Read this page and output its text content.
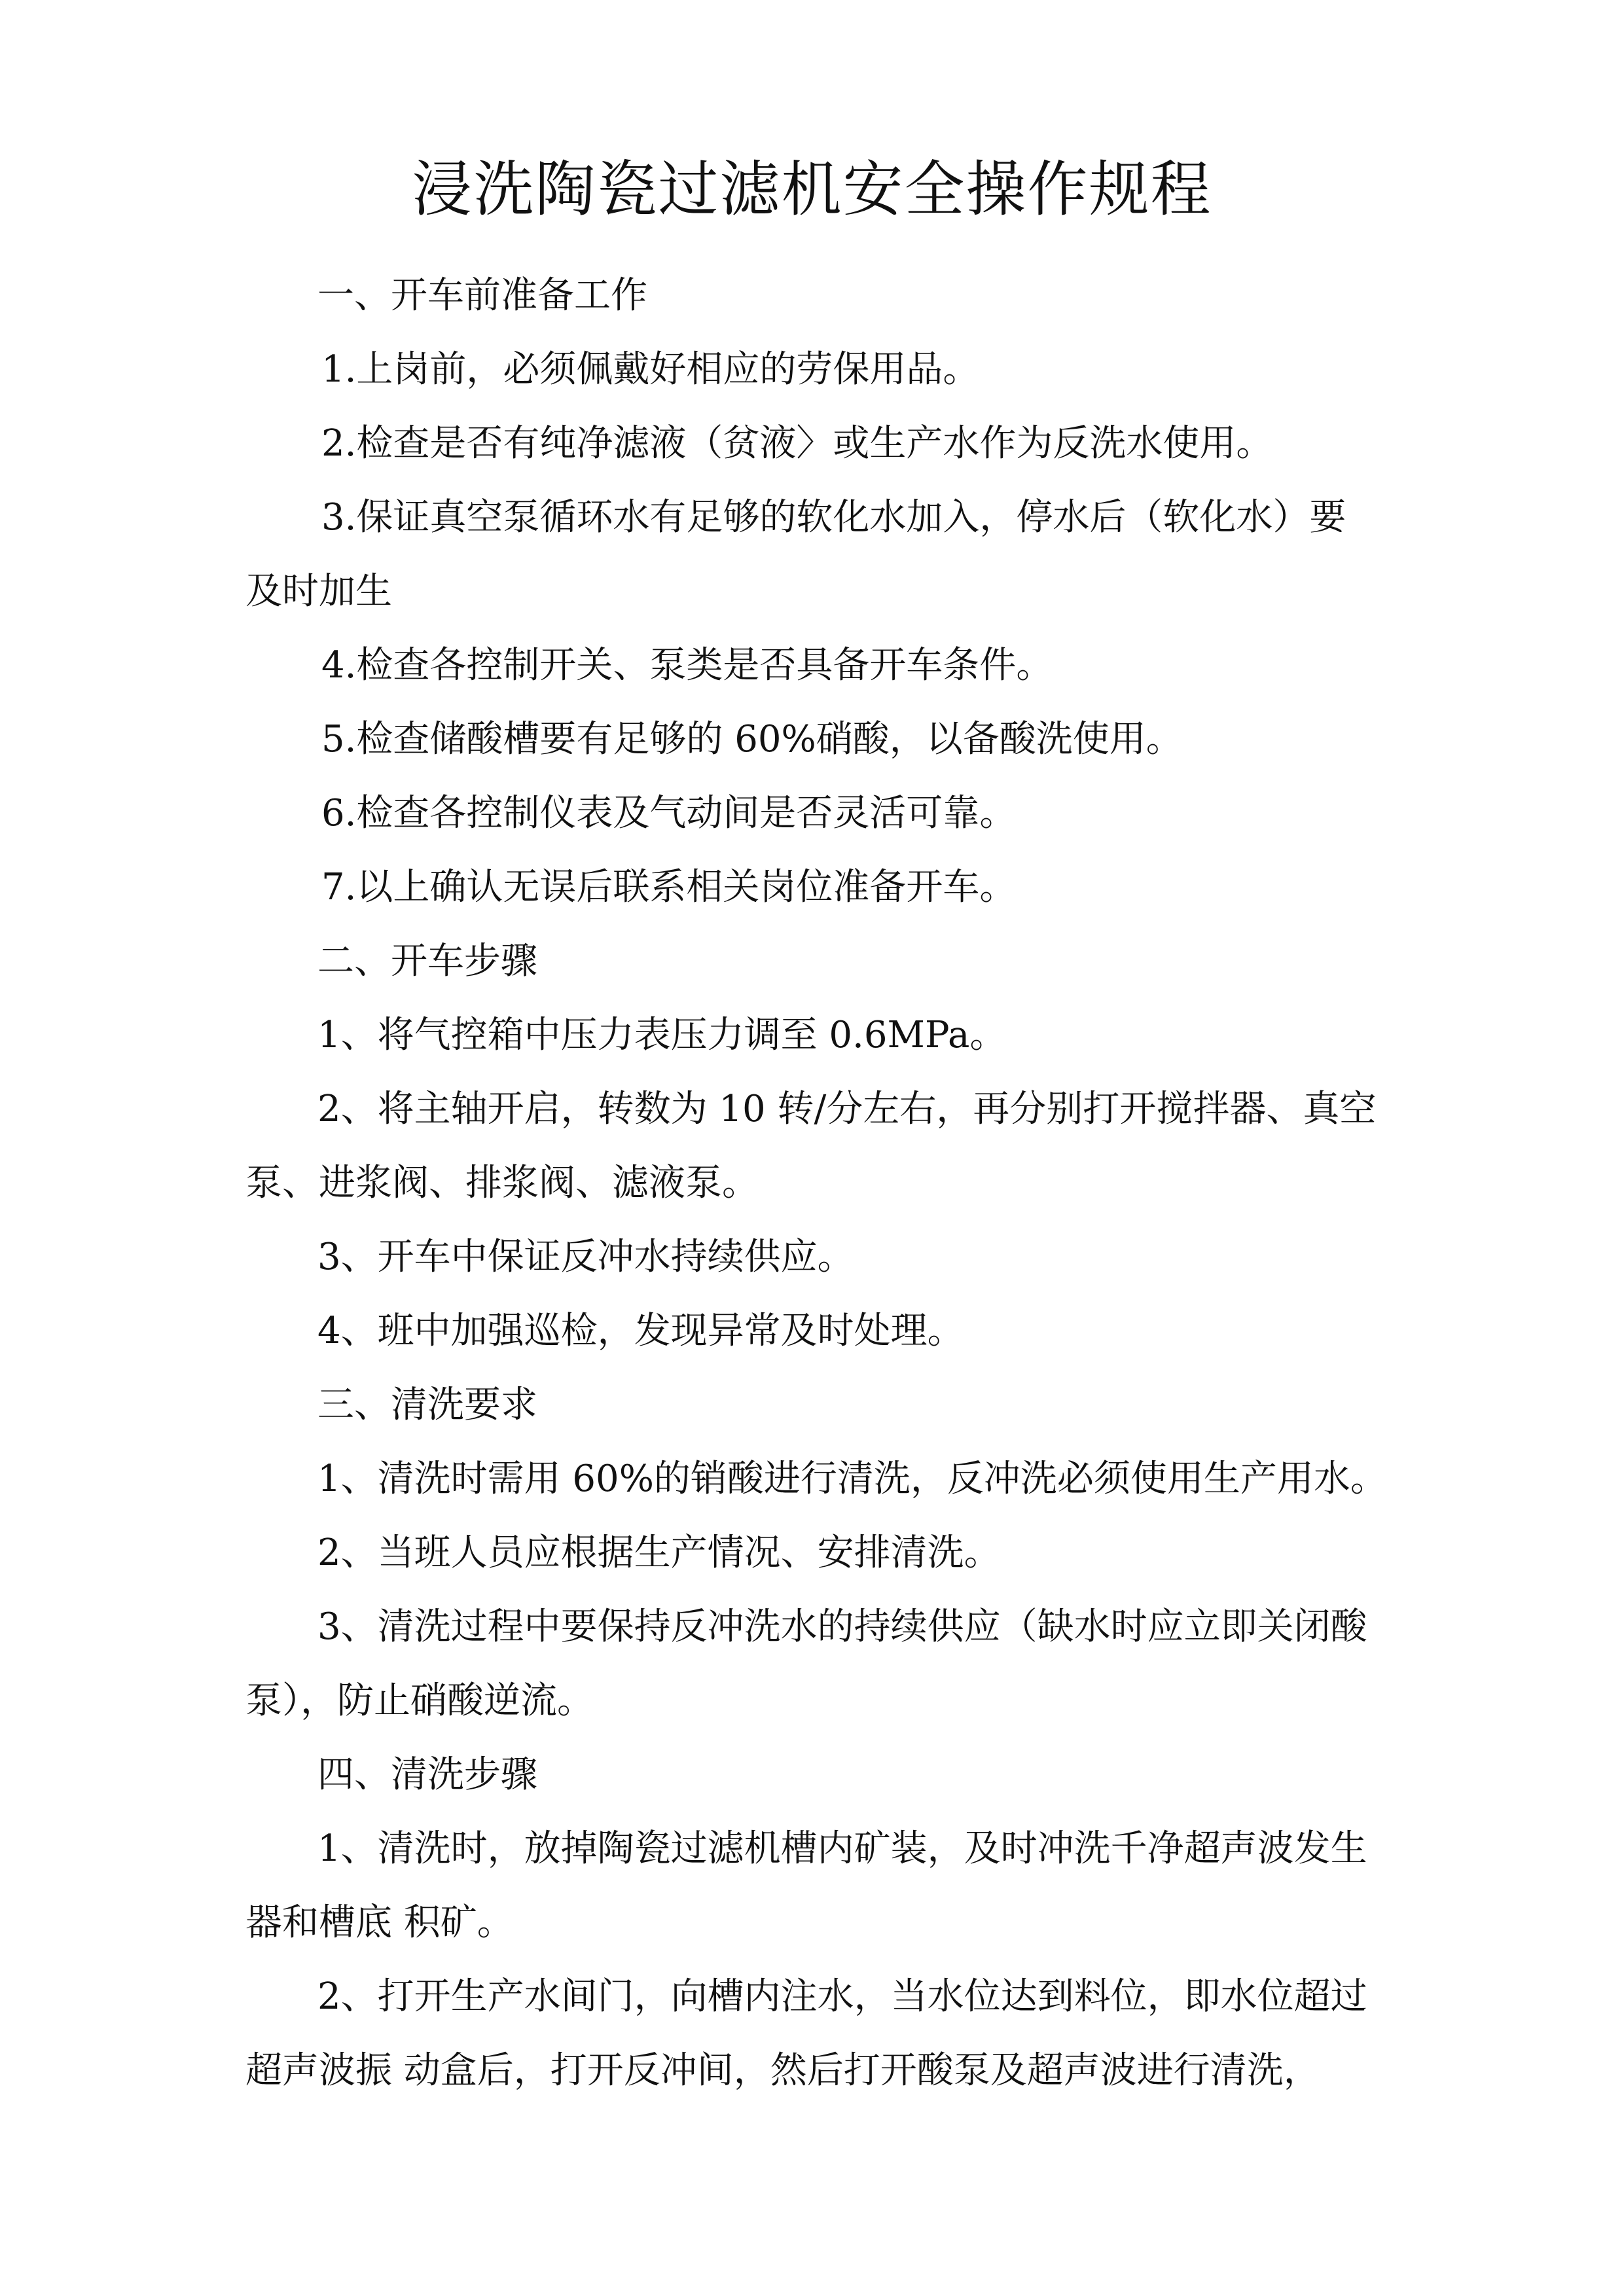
浸洗陶瓷过滤机安全操作规程
一、开车前准备工作
1.上岗前，必须佩戴好相应的劳保用品。
2.检查是否有纯净滤液（贫液〉或生产水作为反洗水使用。
3.保证真空泵循环水有足够的软化水加入，停水后（软化水）要
及时加生
4.检查各控制开关、泵类是否具备开车条件。
5.检查储酸槽要有足够的 60%硝酸，以备酸洗使用。
6.检查各控制仪表及气动间是否灵活可靠。
7.以上确认无误后联系相关岗位准备开车。
二、开车步骤
1、将气控箱中压力表压力调至 0.6MPa。
2、将主轴开启，转数为 10 转/分左右，再分别打开搅拌器、真空
泵、进浆阀、排浆阀、滤液泵。
3、开车中保证反冲水持续供应。
4、班中加强巡检，发现异常及时处理。
三、清洗要求
1、清洗时需用 60%的销酸进行清洗，反冲洗必须使用生产用水。
2、当班人员应根据生产情况、安排清洗。
3、清洗过程中要保持反冲洗水的持续供应（缺水时应立即关闭酸
泵），防止硝酸逆流。
四、清洗步骤
1、清洗时，放掉陶瓷过滤机槽内矿装，及时冲洗千净超声波发生
器和槽底 积矿。
2、打开生产水间门，向槽内注水，当水位达到料位，即水位超过
超声波振 动盒后，打开反冲间，然后打开酸泵及超声波进行清洗，
